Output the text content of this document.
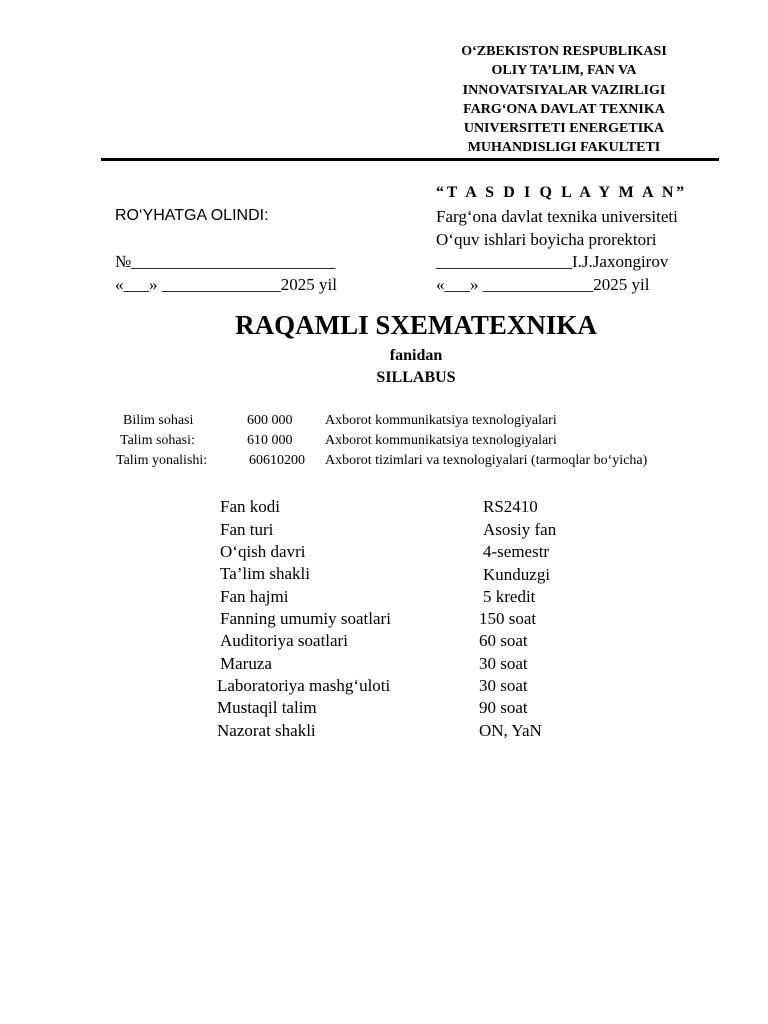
O‘ZBEKISTON RESPUBLIKASI
OLIY TA’LIM, FAN VA
INNOVATSIYALAR VAZIRLIGI
FARG‘ONA DAVLAT TEXNIKA
UNIVERSITETI ENERGETIKA
MUHANDISLIGI FAKULTETI
“T A S D I Q L A Y M A N”
Farg‘ona davlat texnika universiteti
O‘quv ishlari boyicha prorektori
________________I.J.Jaxongirov
«___» _____________2025 yil
RO‘YHATGA OLINDI:
№________________________
«___» ______________2025 yil
RAQAMLI SXEMATEXNIKA
fanidan
SILLABUS
Bilim sohasi	600 000 Axborot kommunikatsiya texnologiyalari
Talim sohasi:	610 000 Axborot kommunikatsiya texnologiyalari
Talim yonalishi:	60610200 Axborot tizimlari va texnologiyalari (tarmoqlar bo‘yicha)
Fan kodi	RS2410
Fan turi	Asosiy fan
O‘qish davri	4-semestr
Ta’lim shakli	Kunduzgi
Fan hajmi	5 kredit
Fanning umumiy soatlari	150 soat
Auditoriya soatlari	60 soat
Maruza	30 soat
Laboratoriya mashg‘uloti	30 soat
Mustaqil talim	90 soat
Nazorat shakli	ON, YaN
